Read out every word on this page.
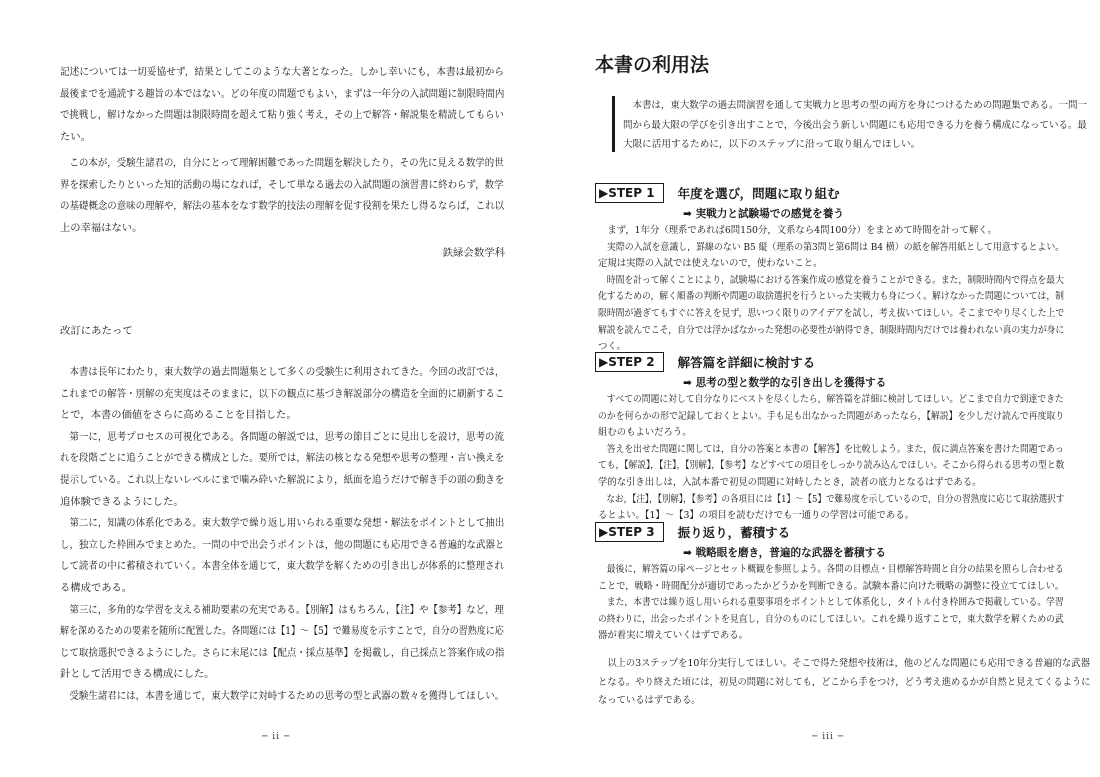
記述については一切妥協せず，結果としてこのような大著となった。しかし幸いにも，本書は最初から
最後までを通読する趣旨の本ではない。どの年度の問題でもよい，まずは一年分の入試問題に制限時間内
で挑戦し，解けなかった問題は制限時間を超えて粘り強く考え，その上で解答・解説集を精読してもらい
たい。

この本が，受験生諸君の，自分にとって理解困難であった問題を解決したり，その先に見える数学的世
界を探索したりといった知的活動の場になれば，そして単なる過去の入試問題の演習書に終わらず，数学
の基礎概念の意味の理解や，解法の基本をなす数学的技法の理解を促す役割を果たし得るならば，これ以
上の幸福はない。

鉄緑会数学科
改訂にあたって

本書は長年にわたり，東大数学の過去問題集として多くの受験生に利用されてきた。今回の改訂では，
これまでの解答・別解の充実度はそのままに，以下の観点に基づき解説部分の構造を全面的に刷新するこ
とで，本書の価値をさらに高めることを目指した。
第一に，思考プロセスの可視化である。各問題の解説では，思考の節目ごとに見出しを設け，思考の流
れを段階ごとに追うことができる構成とした。要所では，解法の核となる発想や思考の整理・言い換えを
提示している。これ以上ないレベルにまで噛み砕いた解説により，紙面を追うだけで解き手の頭の動きを
追体験できるようにした。
第二に，知識の体系化である。東大数学で繰り返し用いられる重要な発想・解法をポイントとして抽出
し，独立した枠囲みでまとめた。一問の中で出会うポイントは，他の問題にも応用できる普遍的な武器と
して読者の中に蓄積されていく。本書全体を通じて，東大数学を解くための引き出しが体系的に整理され
る構成である。
第三に，多角的な学習を支える補助要素の充実である。【別解】はもちろん，【注】や【参考】など，理
解を深めるための要素を随所に配置した。各問題には【1】～【5】で難易度を示すことで，自分の習熟度に応
じて取捨選択できるようにした。さらに末尾には【配点・採点基準】を掲載し，自己採点と答案作成の指
針として活用できる構成にした。
受験生諸君には，本書を通じて，東大数学に対峙するための思考の型と武器の数々を獲得してほしい。

─ ii ─
本書の利用法
本書は，東大数学の過去問演習を通して実戦力と思考の型の両方を身につけるための問題集である。一問一
問から最大限の学びを引き出すことで，今後出会う新しい問題にも応用できる力を養う構成になっている。最
大限に活用するために，以下のステップに沿って取り組んでほしい。
▶STEP 1	年度を選び，問題に取り組む
➡ 実戦力と試験場での感覚を養う
まず，1年分（理系であれば6問150分，文系なら4問100分）をまとめて時間を計って解く。
実際の入試を意識し，罫線のない B5 縦（理系の第3問と第6問は B4 横）の紙を解答用紙として用意するとよい。
定規は実際の入試では使えないので，使わないこと。
時間を計って解くことにより，試験場における答案作成の感覚を養うことができる。また，制限時間内で得点を最大
化するための，解く順番の判断や問題の取捨選択を行うといった実戦力も身につく。解けなかった問題については，制
限時間が過ぎてもすぐに答えを見ず，思いつく限りのアイデアを試し，考え抜いてほしい。そこまでやり尽くした上で
解説を読んでこそ，自分では浮かばなかった発想の必要性が納得でき，制限時間内だけでは養われない真の実力が身に
つく。
▶STEP 2	解答篇を詳細に検討する
➡ 思考の型と数学的な引き出しを獲得する
すべての問題に対して自分なりにベストを尽くしたら，解答篇を詳細に検討してほしい。どこまで自力で到達できた
のかを何らかの形で記録しておくとよい。手も足も出なかった問題があったなら，【解説】を少しだけ読んで再度取り
組むのもよいだろう。
答えを出せた問題に関しては，自分の答案と本書の【解答】を比較しよう。また，仮に満点答案を書けた問題であっ
ても，【解説】，【注】，【別解】，【参考】などすべての項目をしっかり読み込んでほしい。そこから得られる思考の型と数
学的な引き出しは，入試本番で初見の問題に対峙したとき，読者の底力となるはずである。
なお，【注】，【別解】，【参考】の各項目には【1】～【5】で難易度を示しているので，自分の習熟度に応じて取捨選択す
るとよい。【1】～【3】の項目を読むだけでも一通りの学習は可能である。
▶STEP 3	振り返り，蓄積する
➡ 戦略眼を磨き，普遍的な武器を蓄積する
最後に，解答篇の扉ページとセット概観を参照しよう。各問の目標点・目標解答時間と自分の結果を照らし合わせる
ことで，戦略・時間配分が適切であったかどうかを判断できる。試験本番に向けた戦略の調整に役立ててほしい。
また，本書では繰り返し用いられる重要事項をポイントとして体系化し，タイトル付き枠囲みで掲載している。学習
の終わりに，出会ったポイントを見直し，自分のものにしてほしい。これを繰り返すことで，東大数学を解くための武
器が着実に増えていくはずである。
以上の3ステップを10年分実行してほしい。そこで得た発想や技術は，他のどんな問題にも応用できる普遍的な武器
となる。やり終えた頃には，初見の問題に対しても，どこから手をつけ，どう考え進めるかが自然と見えてくるように
なっているはずである。
─ iii ─
